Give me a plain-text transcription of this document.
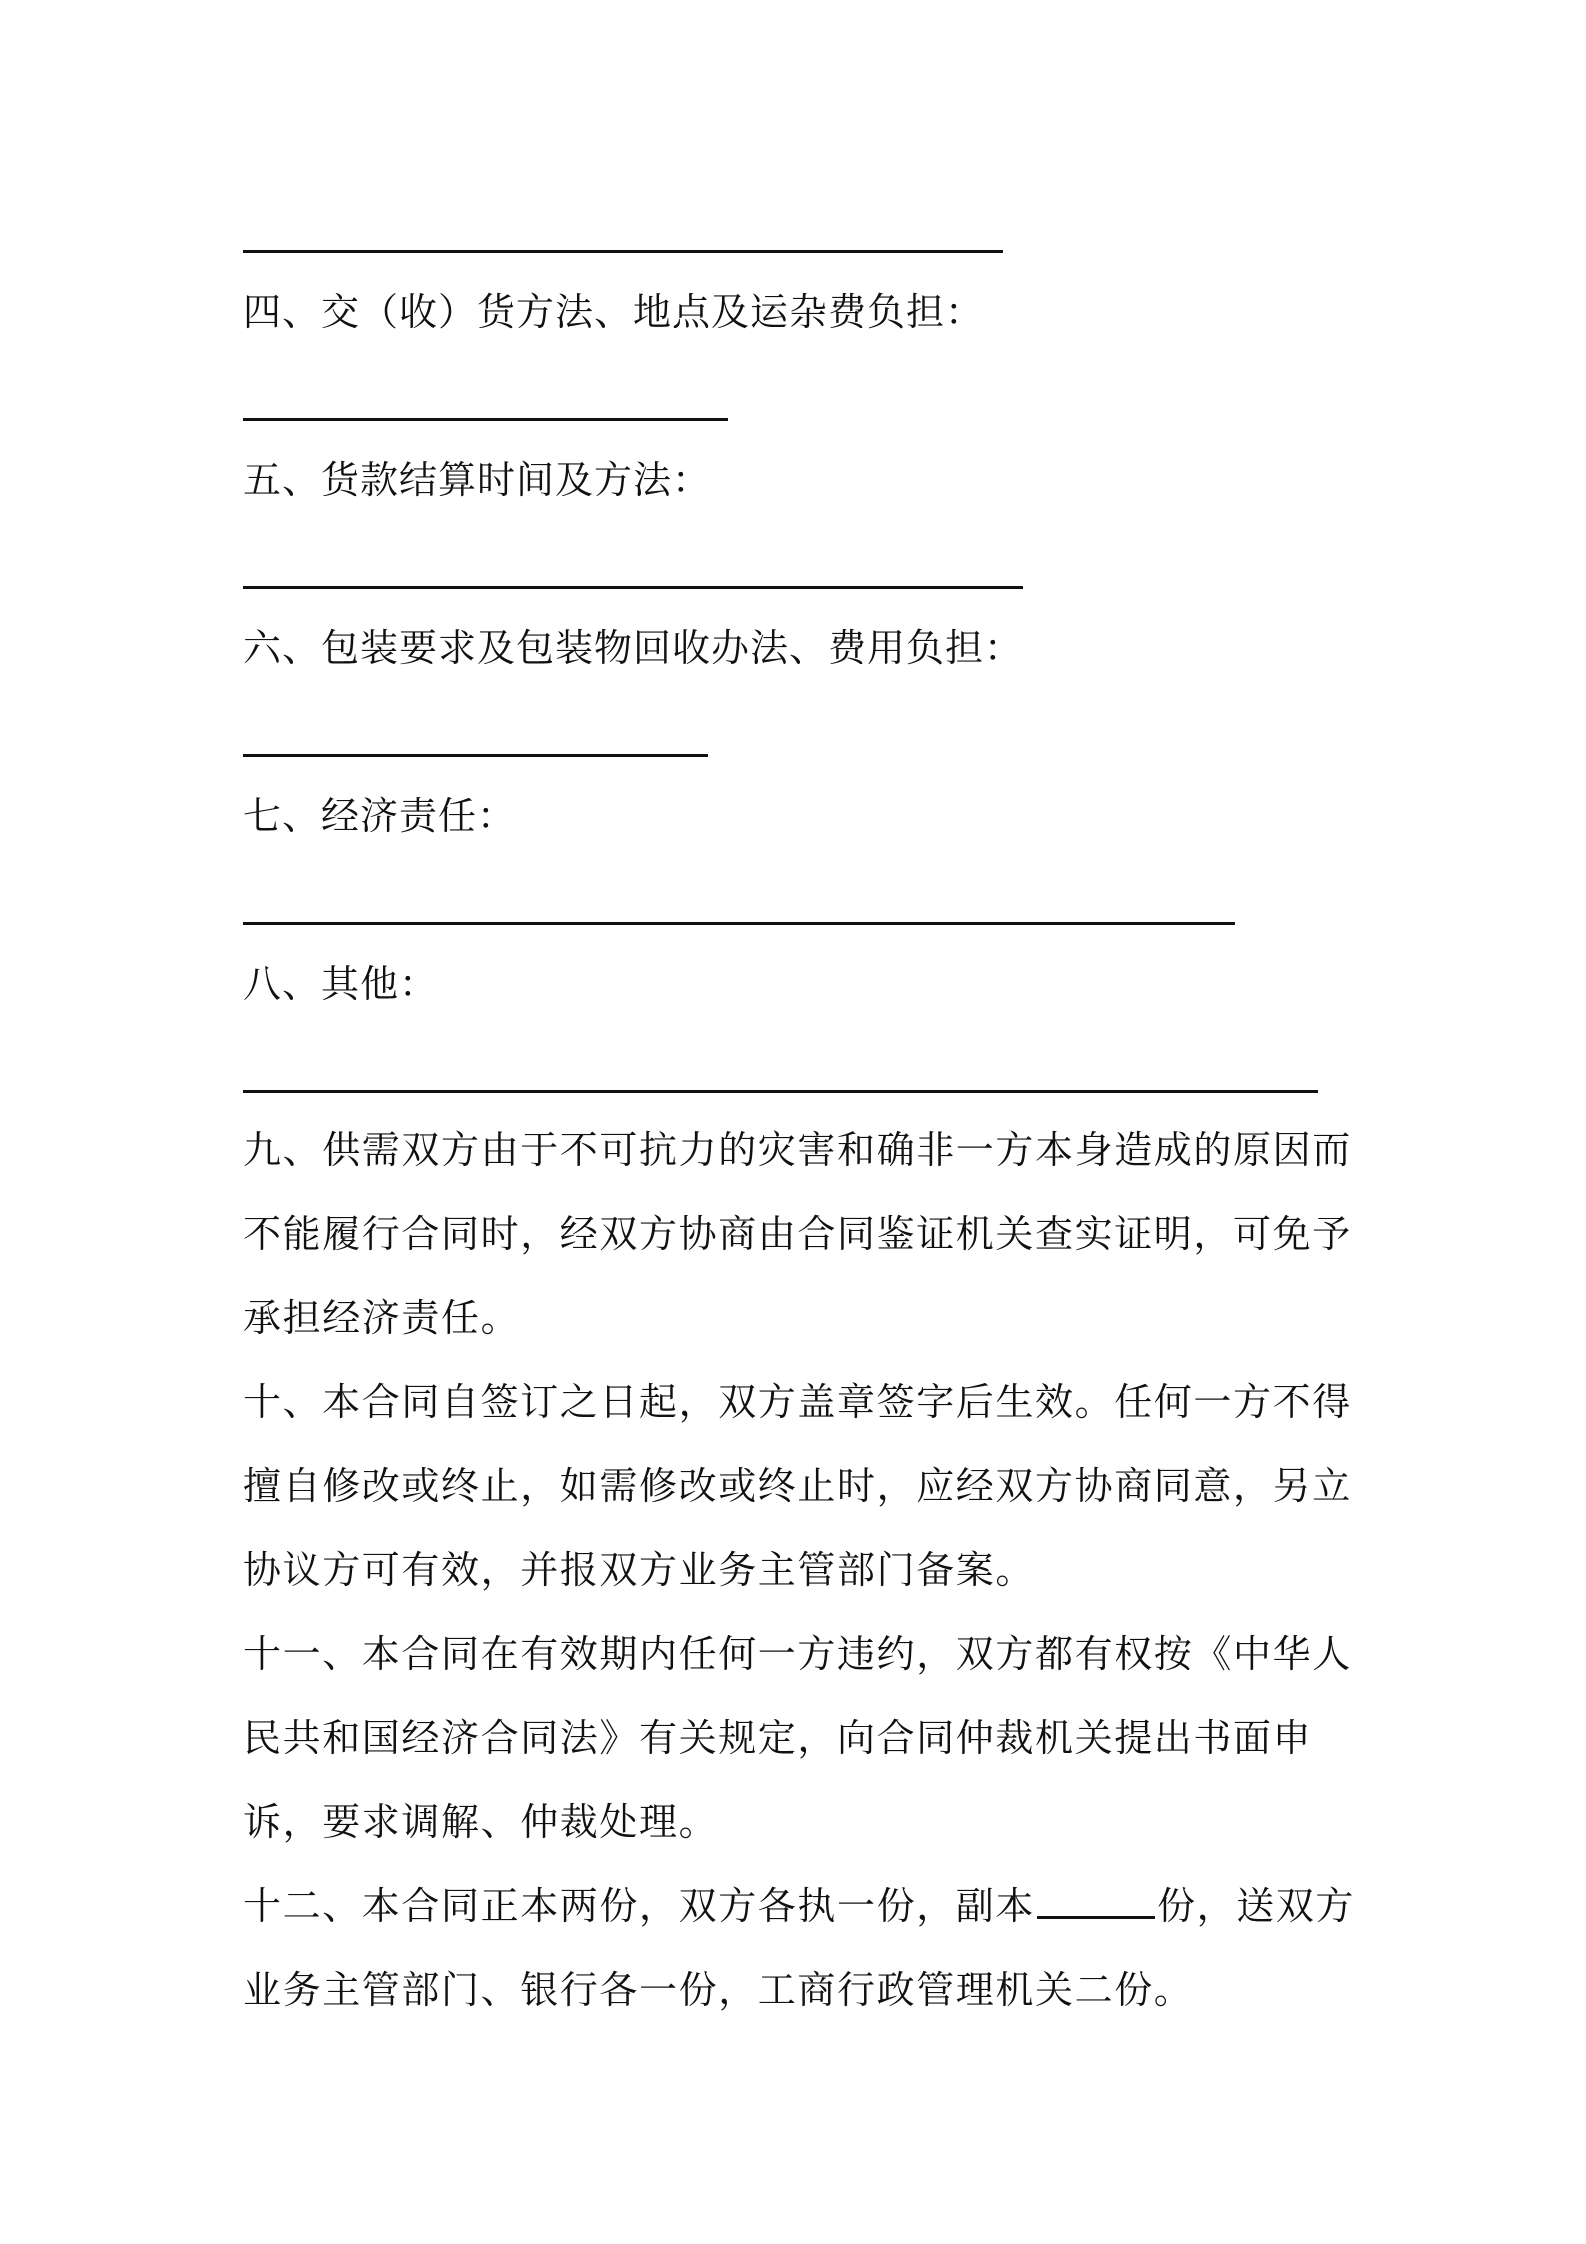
四、交（收）货方法、地点及运杂费负担：
五、货款结算时间及方法：
六、包装要求及包装物回收办法、费用负担：
七、经济责任：
八、其他：
九、供需双方由于不可抗力的灾害和确非一方本身造成的原因而不能履行合同时，经双方协商由合同鉴证机关查实证明，可免予承担经济责任。
十、本合同自签订之日起，双方盖章签字后生效。任何一方不得擅自修改或终止，如需修改或终止时，应经双方协商同意，另立协议方可有效，并报双方业务主管部门备案。
十一、本合同在有效期内任何一方违约，双方都有权按《中华人民共和国经济合同法》有关规定，向合同仲裁机关提出书面申诉，要求调解、仲裁处理。
十二、本合同正本两份，双方各执一份，副本	份，送双方业务主管部门、银行各一份，工商行政管理机关二份。
